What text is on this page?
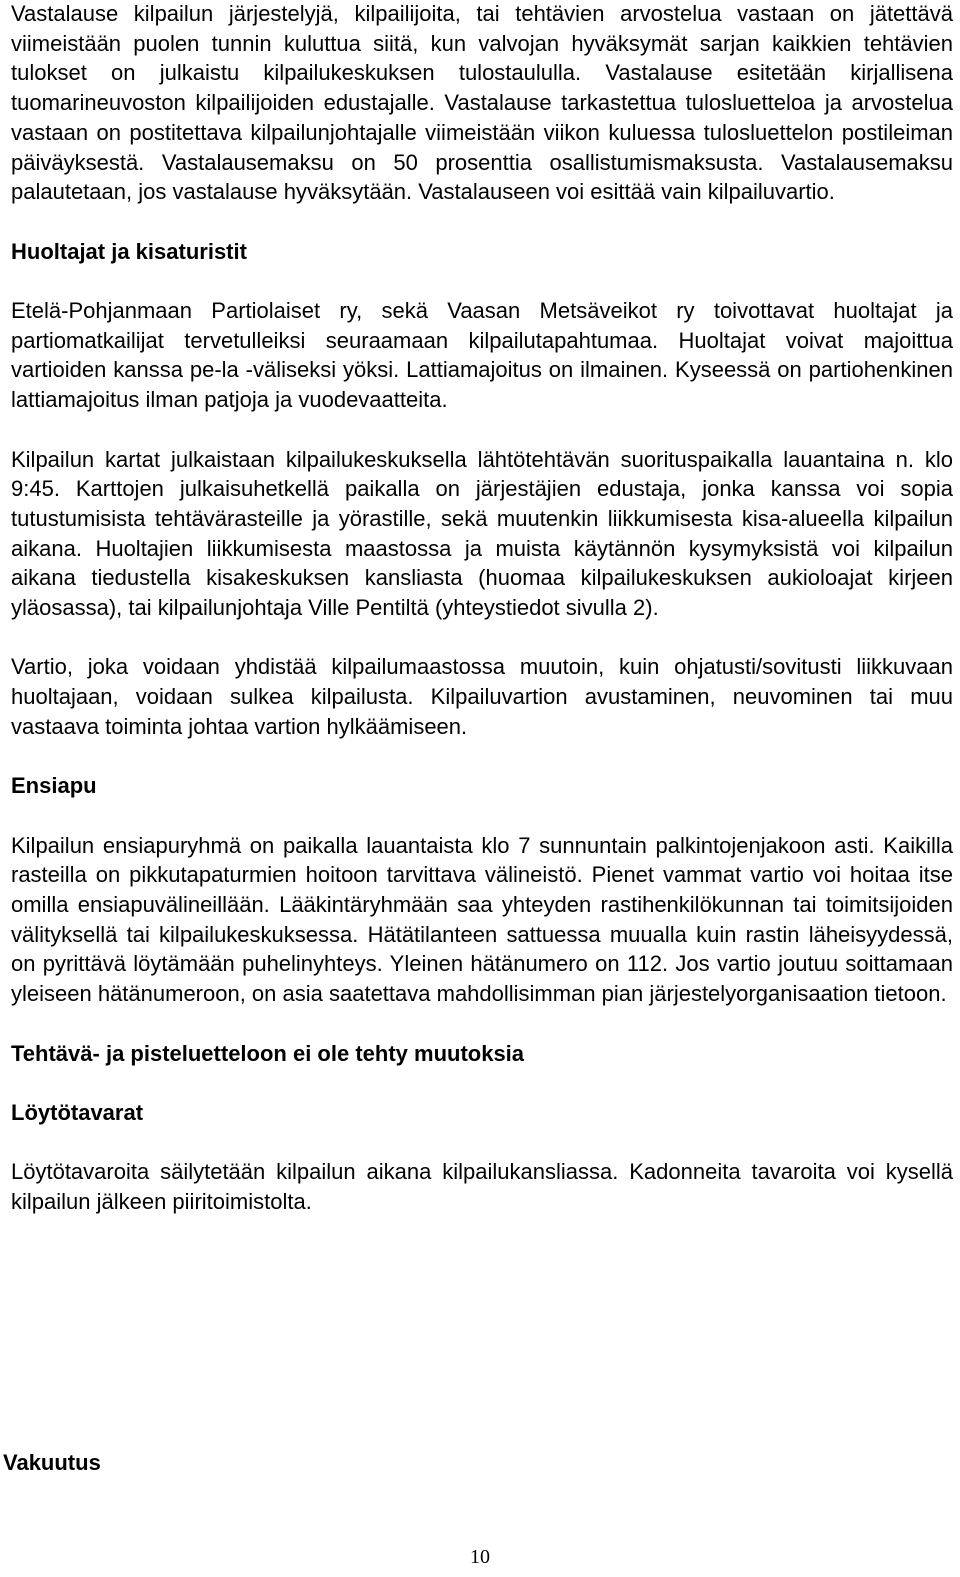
Vastalause kilpailun järjestelyjä, kilpailijoita, tai tehtävien arvostelua vastaan on jätettävä viimeistään puolen tunnin kuluttua siitä, kun valvojan hyväksymät sarjan kaikkien tehtävien tulokset on julkaistu kilpailukeskuksen tulostaululla. Vastalause esitetään kirjallisena tuomarineuvoston kilpailijoiden edustajalle. Vastalause tarkastettua tulosluetteloa ja arvostelua vastaan on postitettava kilpailunjohtajalle viimeistään viikon kuluessa tulosluettelon postileiman päiväyksestä. Vastalausemaksu on 50 prosenttia osallistumismaksusta. Vastalausemaksu palautetaan, jos vastalause hyväksytään. Vastalauseen voi esittää vain kilpailuvartio.

Huoltajat ja kisaturistit

Etelä-Pohjanmaan Partiolaiset ry, sekä Vaasan Metsäveikot ry toivottavat huoltajat ja partiomatkailijat tervetulleiksi seuraamaan kilpailutapahtumaa. Huoltajat voivat majoittua vartioiden kanssa pe-la -väliseksi yöksi. Lattiamajoitus on ilmainen. Kyseessä on partiohenkinen lattiamajoitus ilman patjoja ja vuodevaatteita.

Kilpailun kartat julkaistaan kilpailukeskuksella lähtötehtävän suorituspaikalla lauantaina n. klo 9:45. Karttojen julkaisuhetkellä paikalla on järjestäjien edustaja, jonka kanssa voi sopia tutustumisista tehtävärasteille ja yörastille, sekä muutenkin liikkumisesta kisa-alueella kilpailun aikana. Huoltajien liikkumisesta maastossa ja muista käytännön kysymyksistä voi kilpailun aikana tiedustella kisakeskuksen kansliasta (huomaa kilpailukeskuksen aukioloajat kirjeen yläosassa), tai kilpailunjohtaja Ville Pentiltä (yhteystiedot sivulla 2).

Vartio, joka voidaan yhdistää kilpailumaastossa muutoin, kuin ohjatusti/sovitusti liikkuvaan huoltajaan, voidaan sulkea kilpailusta. Kilpailuvartion avustaminen, neuvominen tai muu vastaava toiminta johtaa vartion hylkäämiseen.

Ensiapu

Kilpailun ensiapuryhmä on paikalla lauantaista klo 7 sunnuntain palkintojenjakoon asti. Kaikilla rasteilla on pikkutapaturmien hoitoon tarvittava välineistö. Pienet vammat vartio voi hoitaa itse omilla ensiapuvälineillään. Lääkintäryhmään saa yhteyden rastihenkilökunnan tai toimitsijoiden välityksellä tai kilpailukeskuksessa. Hätätilanteen sattuessa muualla kuin rastin läheisyydessä, on pyrittävä löytämään puhelinyhteys. Yleinen hätänumero on 112. Jos vartio joutuu soittamaan yleiseen hätänumeroon, on asia saatettava mahdollisimman pian järjestelyorganisaation tietoon.

Tehtävä- ja pisteluetteloon ei ole tehty muutoksia
Löytötavarat

Löytötavaroita säilytetään kilpailun aikana kilpailukansliassa. Kadonneita tavaroita voi kysellä kilpailun jälkeen piiritoimistolta.

Vakuutus
10
